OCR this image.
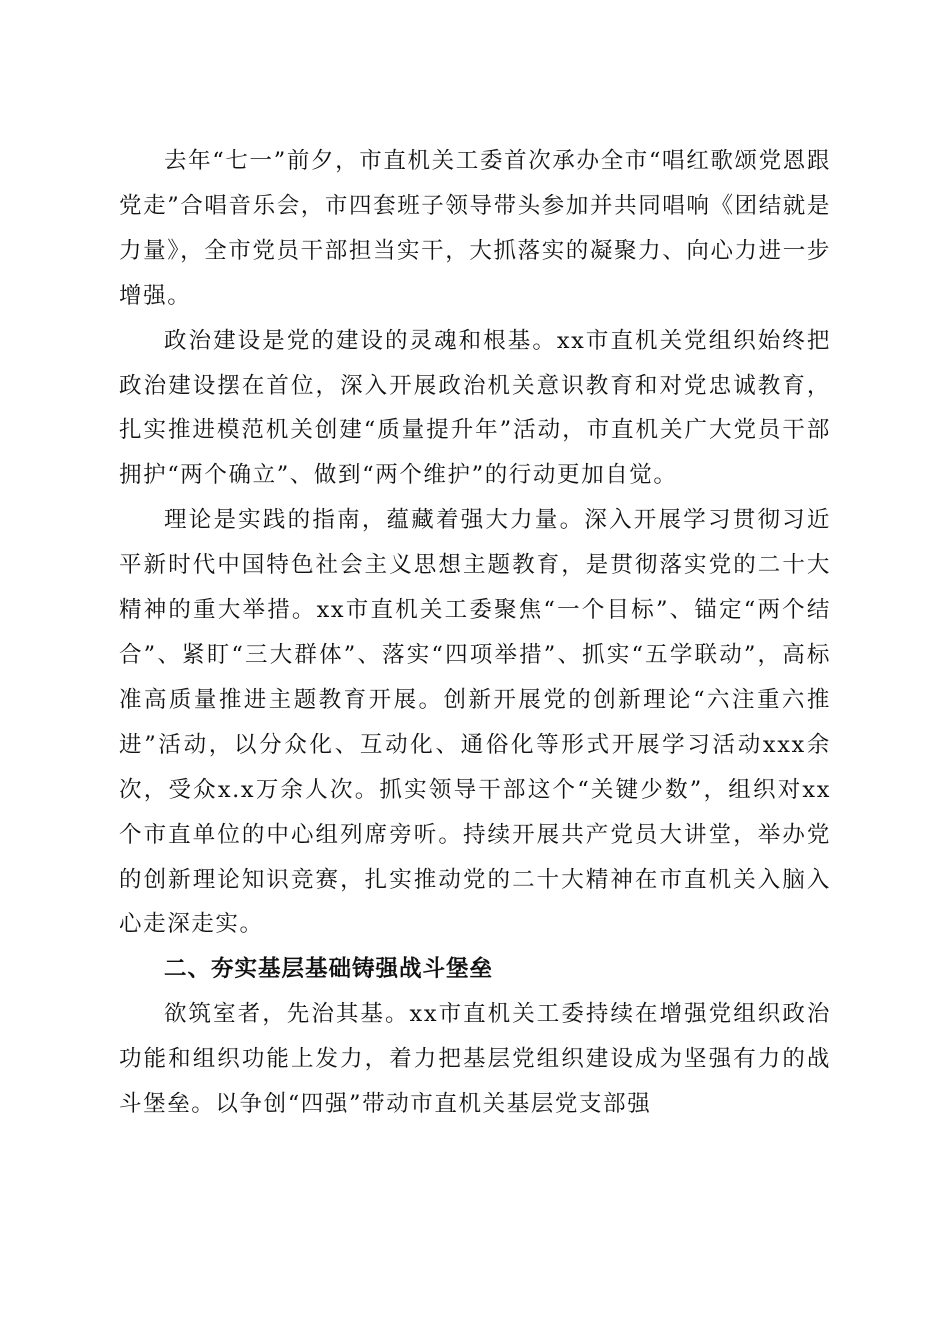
去年“七一”前夕，市直机关工委首次承办全市“唱红歌颂党恩跟党走”合唱音乐会，市四套班子领导带头参加并共同唱响《团结就是力量》，全市党员干部担当实干，大抓落实的凝聚力、向心力进一步增强。

政治建设是党的建设的灵魂和根基。xx市直机关党组织始终把政治建设摆在首位，深入开展政治机关意识教育和对党忠诚教育，扎实推进模范机关创建“质量提升年”活动，市直机关广大党员干部拥护“两个确立”、做到“两个维护”的行动更加自觉。

理论是实践的指南，蕴藏着强大力量。深入开展学习贯彻习近平新时代中国特色社会主义思想主题教育，是贯彻落实党的二十大精神的重大举措。xx市直机关工委聚焦“一个目标”、锚定“两个结合”、紧盯“三大群体”、落实“四项举措”、抓实“五学联动”，高标准高质量推进主题教育开展。创新开展党的创新理论“六注重六推进”活动，以分众化、互动化、通俗化等形式开展学习活动xxx余次，受众x.x万余人次。抓实领导干部这个“关键少数”，组织对xx个市直单位的中心组列席旁听。持续开展共产党员大讲堂，举办党的创新理论知识竞赛，扎实推动党的二十大精神在市直机关入脑入心走深走实。

二、夯实基层基础铸强战斗堡垒

欲筑室者，先治其基。xx市直机关工委持续在增强党组织政治功能和组织功能上发力，着力把基层党组织建设成为坚强有力的战斗堡垒。以争创“四强”带动市直机关基层党支部强
